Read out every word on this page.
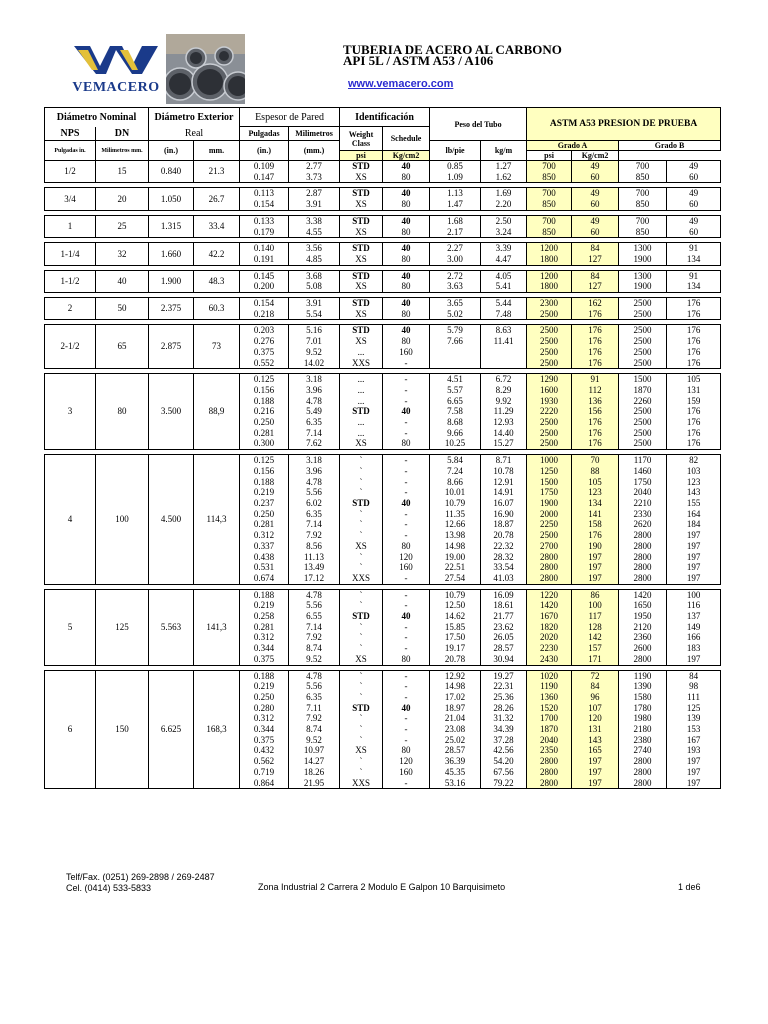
VEMACERO
TUBERIA DE ACERO AL CARBONO
API 5L / ASTM A53 / A106
www.vemacero.com
Diámetro Nominal		Diámetro Exterior		Espesor de Pared		Identificación		Peso del Tubo		ASTM A53 PRESION DE PRUEBA			

NPS	DN	Real		Pulgadas	Milimetros	Weight Class	Schedule						
Pulgadas in.	Milimetros mm.	(in.)	mm.	(in.)	(mm.)			lb/pie	kg/m	Grado A		Grado B	
						psi	Kg/cm2			psi	Kg/cm2		
1/2	15	0.840	21.3	0.109	2.77	STD	40	0.85	1.27	700	49	700	49
				0.147	3.73	XS	80	1.09	1.62	850	60	850	60

3/4	20	1.050	26.7	0.113	2.87	STD	40	1.13	1.69	700	49	700	49
				0.154	3.91	XS	80	1.47	2.20	850	60	850	60

1	25	1.315	33.4	0.133	3.38	STD	40	1.68	2.50	700	49	700	49
				0.179	4.55	XS	80	2.17	3.24	850	60	850	60

1-1/4	32	1.660	42.2	0.140	3.56	STD	40	2.27	3.39	1200	84	1300	91
				0.191	4.85	XS	80	3.00	4.47	1800	127	1900	134

1-1/2	40	1.900	48.3	0.145	3.68	STD	40	2.72	4.05	1200	84	1300	91
				0.200	5.08	XS	80	3.63	5.41	1800	127	1900	134

2	50	2.375	60.3	0.154	3.91	STD	40	3.65	5.44	2300	162	2500	176
				0.218	5.54	XS	80	5.02	7.48	2500	176	2500	176

2-1/2	65	2.875	73	0.203	5.16	STD	40	5.79	8.63	2500	176	2500	176
				0.276	7.01	XS	80	7.66	11.41	2500	176	2500	176
				0.375	9.52	...	160			2500	176	2500	176
				0.552	14.02	XXS	-			2500	176	2500	176

3	80	3.500	88,9	0.125	3.18	...	-	4.51	6.72	1290	91	1500	105
				0.156	3.96	...	-	5.57	8.29	1600	112	1870	131
				0.188	4.78	...	-	6.65	9.92	1930	136	2260	159
				0.216	5.49	STD	40	7.58	11.29	2220	156	2500	176
				0.250	6.35	...	-	8.68	12.93	2500	176	2500	176
				0.281	7.14	...	-	9.66	14.40	2500	176	2500	176
				0.300	7.62	XS	80	10.25	15.27	2500	176	2500	176

4	100	4.500	114,3	0.125	3.18	`	-	5.84	8.71	1000	70	1170	82
				0.156	3.96	`	-	7.24	10.78	1250	88	1460	103
				0.188	4.78	`	-	8.66	12.91	1500	105	1750	123
				0.219	5.56	`	-	10.01	14.91	1750	123	2040	143
				0.237	6.02	STD	40	10.79	16.07	1900	134	2210	155
				0.250	6.35	`	-	11.35	16.90	2000	141	2330	164
				0.281	7.14	`	-	12.66	18.87	2250	158	2620	184
				0.312	7.92	`	-	13.98	20.78	2500	176	2800	197
				0.337	8.56	XS	80	14.98	22.32	2700	190	2800	197
				0.438	11.13	`	120	19.00	28.32	2800	197	2800	197
				0.531	13.49	`	160	22.51	33.54	2800	197	2800	197
				0.674	17.12	XXS	-	27.54	41.03	2800	197	2800	197

5	125	5.563	141,3	0.188	4.78	`	-	10.79	16.09	1220	86	1420	100
				0.219	5.56	`	-	12.50	18.61	1420	100	1650	116
				0.258	6.55	STD	40	14.62	21.77	1670	117	1950	137
				0.281	7.14	`	-	15.85	23.62	1820	128	2120	149
				0.312	7.92	`	-	17.50	26.05	2020	142	2360	166
				0.344	8.74	`	-	19.17	28.57	2230	157	2600	183
				0.375	9.52	XS	80	20.78	30.94	2430	171	2800	197

6	150	6.625	168,3	0.188	4.78	`	-	12.92	19.27	1020	72	1190	84
				0.219	5.56	`	-	14.98	22.31	1190	84	1390	98
				0.250	6.35	`	-	17.02	25.36	1360	96	1580	111
				0.280	7.11	STD	40	18.97	28.26	1520	107	1780	125
				0.312	7.92	`	-	21.04	31.32	1700	120	1980	139
				0.344	8.74	`	-	23.08	34.39	1870	131	2180	153
				0.375	9.52	`	-	25.02	37.28	2040	143	2380	167
				0.432	10.97	XS	80	28.57	42.56	2350	165	2740	193
				0.562	14.27	`	120	36.39	54.20	2800	197	2800	197
				0.719	18.26	`	160	45.35	67.56	2800	197	2800	197
				0.864	21.95	XXS	-	53.16	79.22	2800	197	2800	197
Telf/Fax. (0251) 269-2898 / 269-2487
Cel. (0414) 533-5833	Zona Industrial 2 Carrera 2 Modulo E Galpon 10 Barquisimeto	1 de6
